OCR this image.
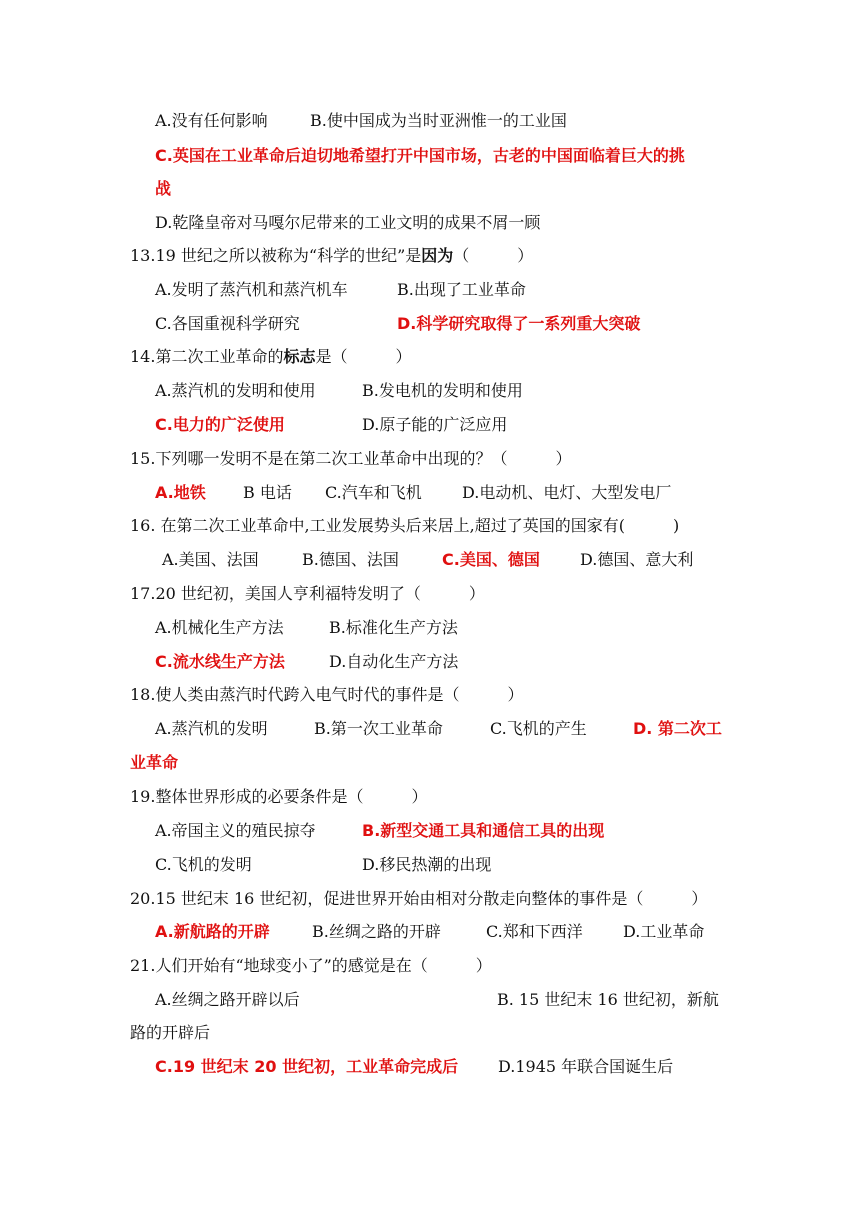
A.没有任何影响	B.使中国成为当时亚洲惟一的工业国
C.英国在工业革命后迫切地希望打开中国市场，古老的中国面临着巨大的挑
战
D.乾隆皇帝对马嘎尔尼带来的工业文明的成果不屑一顾
13.19 世纪之所以被称为“科学的世纪”是因为（　　　）
A.发明了蒸汽机和蒸汽机车	B.出现了工业革命
C.各国重视科学研究	D.科学研究取得了一系列重大突破
14.第二次工业革命的标志是（　　　）
A.蒸汽机的发明和使用	B.发电机的发明和使用
C.电力的广泛使用	D.原子能的广泛应用
15.下列哪一发明不是在第二次工业革命中出现的？（　　　）
A.地铁 B 电话 C.汽车和飞机	D.电动机、电灯、大型发电厂
16. 在第二次工业革命中,工业发展势头后来居上,超过了英国的国家有(　　　)
A.美国、法国	B.德国、法国	C.美国、德国	D.德国、意大利
17.20 世纪初，美国人亨利福特发明了（　　　）
A.机械化生产方法	B.标准化生产方法
C.流水线生产方法	D.自动化生产方法
18.使人类由蒸汽时代跨入电气时代的事件是（　　　）
A.蒸汽机的发明	B.第一次工业革命	C.飞机的产生	D. 第二次工
业革命
19.整体世界形成的必要条件是（　　　）
A.帝国主义的殖民掠夺	B.新型交通工具和通信工具的出现
C.飞机的发明	D.移民热潮的出现
20.15 世纪末 16 世纪初，促进世界开始由相对分散走向整体的事件是（　　　）
A.新航路的开辟	B.丝绸之路的开辟	C.郑和下西洋	D.工业革命
21.人们开始有“地球变小了”的感觉是在（　　　）
A.丝绸之路开辟以后	B. 15 世纪末 16 世纪初，新航
路的开辟后
C.19 世纪末 20 世纪初，工业革命完成后 D.1945 年联合国诞生后
